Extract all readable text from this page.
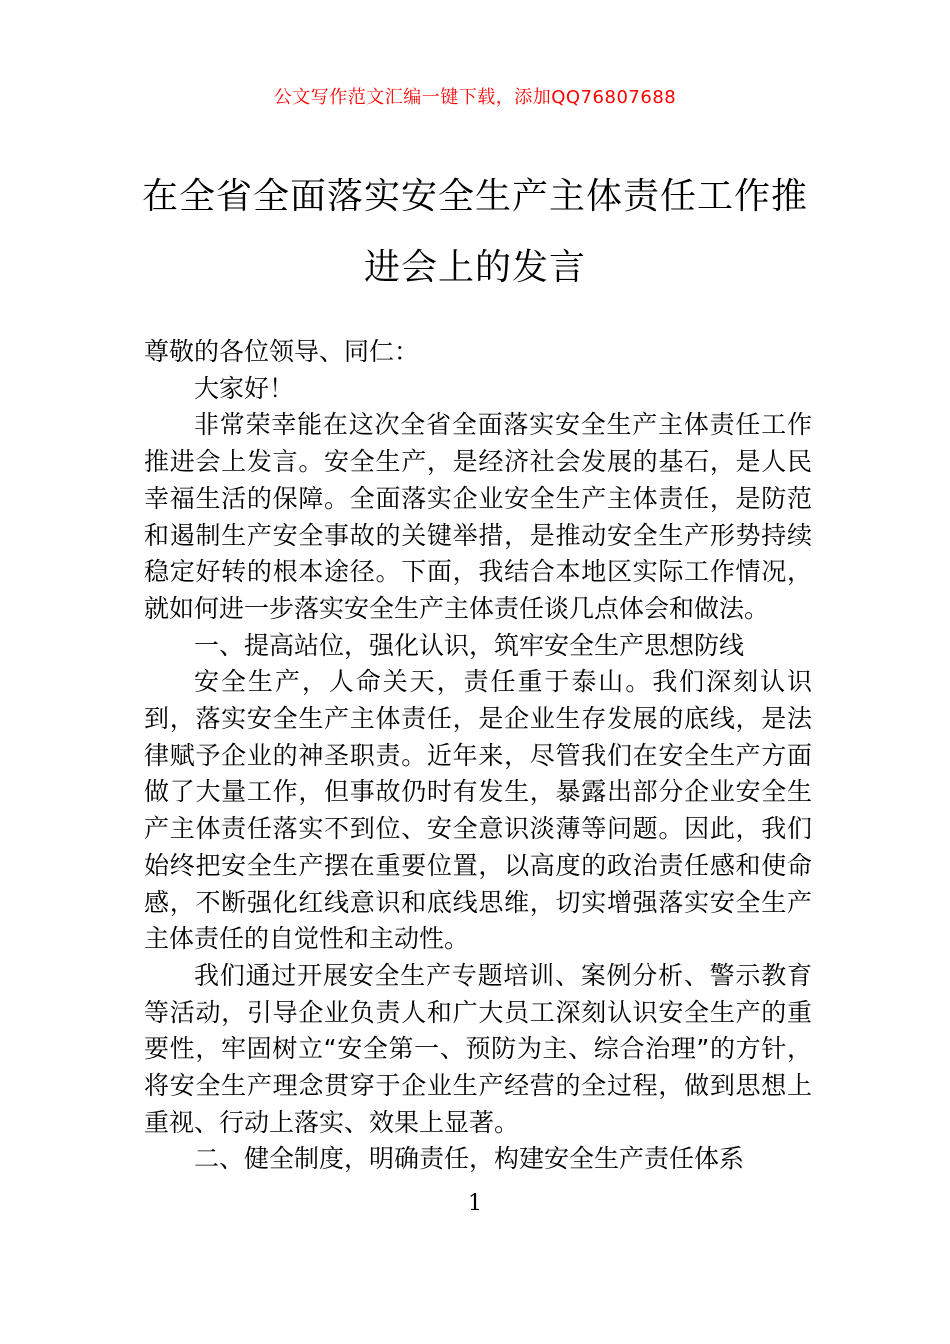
公文写作范文汇编一键下载，添加QQ76807688
在全省全面落实安全生产主体责任工作推
进会上的发言

尊敬的各位领导、同仁：

大家好！

非常荣幸能在这次全省全面落实安全生产主体责任工作推进会上发言。安全生产，是经济社会发展的基石，是人民幸福生活的保障。全面落实企业安全生产主体责任，是防范和遏制生产安全事故的关键举措，是推动安全生产形势持续稳定好转的根本途径。下面，我结合本地区实际工作情况，就如何进一步落实安全生产主体责任谈几点体会和做法。

一、提高站位，强化认识，筑牢安全生产思想防线

安全生产，人命关天，责任重于泰山。我们深刻认识到，落实安全生产主体责任，是企业生存发展的底线，是法律赋予企业的神圣职责。近年来，尽管我们在安全生产方面做了大量工作，但事故仍时有发生，暴露出部分企业安全生产主体责任落实不到位、安全意识淡薄等问题。因此，我们始终把安全生产摆在重要位置，以高度的政治责任感和使命感，不断强化红线意识和底线思维，切实增强落实安全生产主体责任的自觉性和主动性。

我们通过开展安全生产专题培训、案例分析、警示教育等活动，引导企业负责人和广大员工深刻认识安全生产的重要性，牢固树立“安全第一、预防为主、综合治理”的方针，将安全生产理念贯穿于企业生产经营的全过程，做到思想上重视、行动上落实、效果上显著。

二、健全制度，明确责任，构建安全生产责任体系

1
